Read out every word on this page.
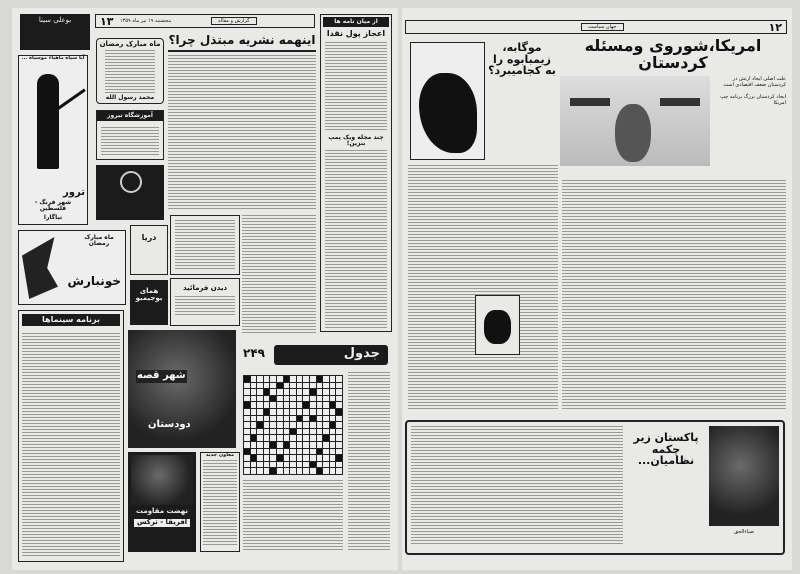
۱۳ پنجشنبه ۱۹ تیر ماه ۱۳۵۹	گزارش و مقاله
بوعلی سینا
آیا سیاه ماهیاء موسیاه ...
ترور
شهر فرنگ - فلسطین
نیاگارا
ماه مبارک رمضان
خونبارش
برنامه سینماها
ماه مبارک رمضان
محمد رسول الله
آموزشگاه تیروز
دریا
همای بوجیمبو
شهر قصه
دودستان
نهضت مقاومت
افریقا - ترکس
اینهمه نشریه مبتذل چرا؟
دیدن فرمائید
از میان نامه ها
اعجاز پول نقدا
چند مجله ویک پمپ بنزین!
۲۴۹	جدول
معاون جدید
۱۲
جهان سیاست
امریکا،شوروی ومسئله کردستان
علت اصلی ایجاد ارتش در کردستان ضعف اقتصادی است
ایجاد کردستان بزرگ برنامه چپ امریکا
موگابه، زیمبابوه را به کجامیبرد؟
پاکستان زیر چکمه نظامیان...
ضیاءالحق
